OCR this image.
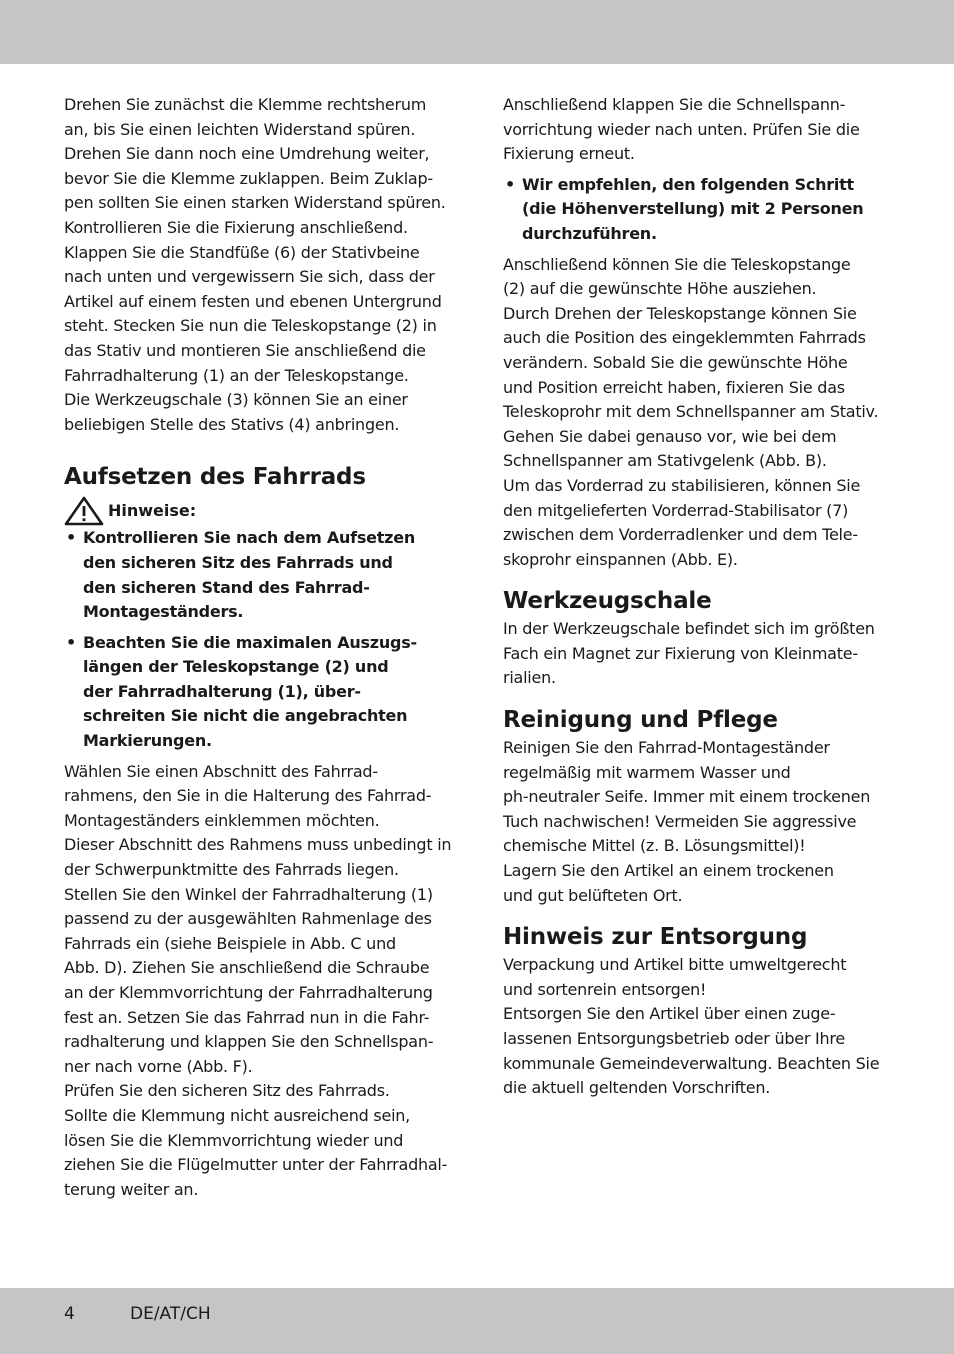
Drehen Sie zunächst die Klemme rechtsherum
an, bis Sie einen leichten Widerstand spüren.
Drehen Sie dann noch eine Umdrehung weiter,
bevor Sie die Klemme zuklappen. Beim Zuklap-
pen sollten Sie einen starken Widerstand spüren.
Kontrollieren Sie die Fixierung anschließend.
Klappen Sie die Standfüße (6) der Stativbeine
nach unten und vergewissern Sie sich, dass der
Artikel auf einem festen und ebenen Untergrund
steht. Stecken Sie nun die Teleskopstange (2) in
das Stativ und montieren Sie anschließend die
Fahrradhalterung (1) an der Teleskopstange.
Die Werkzeugschale (3) können Sie an einer
beliebigen Stelle des Stativs (4) anbringen.

Aufsetzen des Fahrrads
Hinweise:
• Kontrollieren Sie nach dem Aufsetzen
den sicheren Sitz des Fahrrads und
den sicheren Stand des Fahrrad-
Montageständers.
• Beachten Sie die maximalen Auszugs-
längen der Teleskopstange (2) und
der Fahrradhalterung (1), über-
schreiten Sie nicht die angebrachten
Markierungen.

Wählen Sie einen Abschnitt des Fahrrad-
rahmens, den Sie in die Halterung des Fahrrad-
Montageständers einklemmen möchten.
Dieser Abschnitt des Rahmens muss unbedingt in
der Schwerpunktmitte des Fahrrads liegen.
Stellen Sie den Winkel der Fahrradhalterung (1)
passend zu der ausgewählten Rahmenlage des
Fahrrads ein (siehe Beispiele in Abb. C und
Abb. D). Ziehen Sie anschließend die Schraube
an der Klemmvorrichtung der Fahrradhalterung
fest an. Setzen Sie das Fahrrad nun in die Fahr-
radhalterung und klappen Sie den Schnellspan-
ner nach vorne (Abb. F).
Prüfen Sie den sicheren Sitz des Fahrrads.
Sollte die Klemmung nicht ausreichend sein,
lösen Sie die Klemmvorrichtung wieder und
ziehen Sie die Flügelmutter unter der Fahrradhal-
terung weiter an.

Anschließend klappen Sie die Schnellspann-
vorrichtung wieder nach unten. Prüfen Sie die
Fixierung erneut.

• Wir empfehlen, den folgenden Schritt
(die Höhenverstellung) mit 2 Personen
durchzuführen.

Anschließend können Sie die Teleskopstange
(2) auf die gewünschte Höhe ausziehen.
Durch Drehen der Teleskopstange können Sie
auch die Position des eingeklemmten Fahrrads
verändern. Sobald Sie die gewünschte Höhe
und Position erreicht haben, fixieren Sie das
Teleskoprohr mit dem Schnellspanner am Stativ.
Gehen Sie dabei genauso vor, wie bei dem
Schnellspanner am Stativgelenk (Abb. B).
Um das Vorderrad zu stabilisieren, können Sie
den mitgelieferten Vorderrad-Stabilisator (7)
zwischen dem Vorderradlenker und dem Tele-
skoprohr einspannen (Abb. E).

Werkzeugschale

In der Werkzeugschale befindet sich im größten
Fach ein Magnet zur Fixierung von Kleinmate-
rialien.

Reinigung und Pflege

Reinigen Sie den Fahrrad-Montageständer
regelmäßig mit warmem Wasser und
ph-neutraler Seife. Immer mit einem trockenen
Tuch nachwischen! Vermeiden Sie aggressive
chemische Mittel (z. B. Lösungsmittel)!
Lagern Sie den Artikel an einem trockenen
und gut belüfteten Ort.

Hinweis zur Entsorgung

Verpackung und Artikel bitte umweltgerecht
und sortenrein entsorgen!
Entsorgen Sie den Artikel über einen zuge-
lassenen Entsorgungsbetrieb oder über Ihre
kommunale Gemeindeverwaltung. Beachten Sie
die aktuell geltenden Vorschriften.

4	DE/AT/CH
